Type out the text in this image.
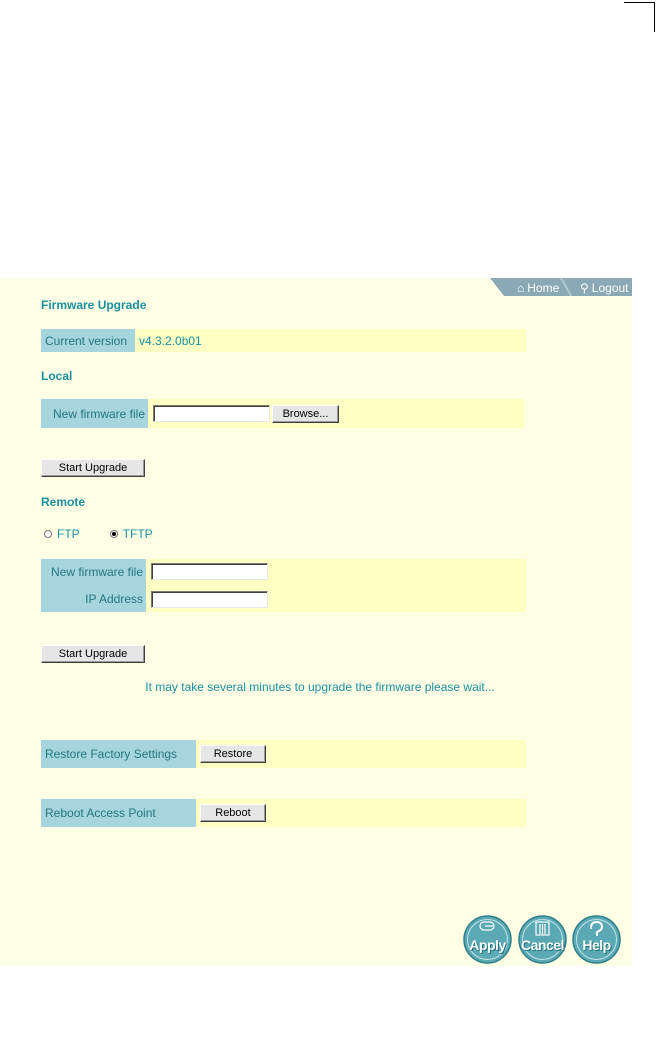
⌂ Home ⚲ Logout
Firmware Upgrade
Current version v4.3.2.0b01
Local
New firmware file	Browse...
Start Upgrade
Remote
FTP	TFTP
New firmware file
IP Address
Start Upgrade
It may take several minutes to upgrade the firmware please wait...
Restore Factory Settings	Restore
Reboot Access Point	Reboot
Apply	Cancel	Help
